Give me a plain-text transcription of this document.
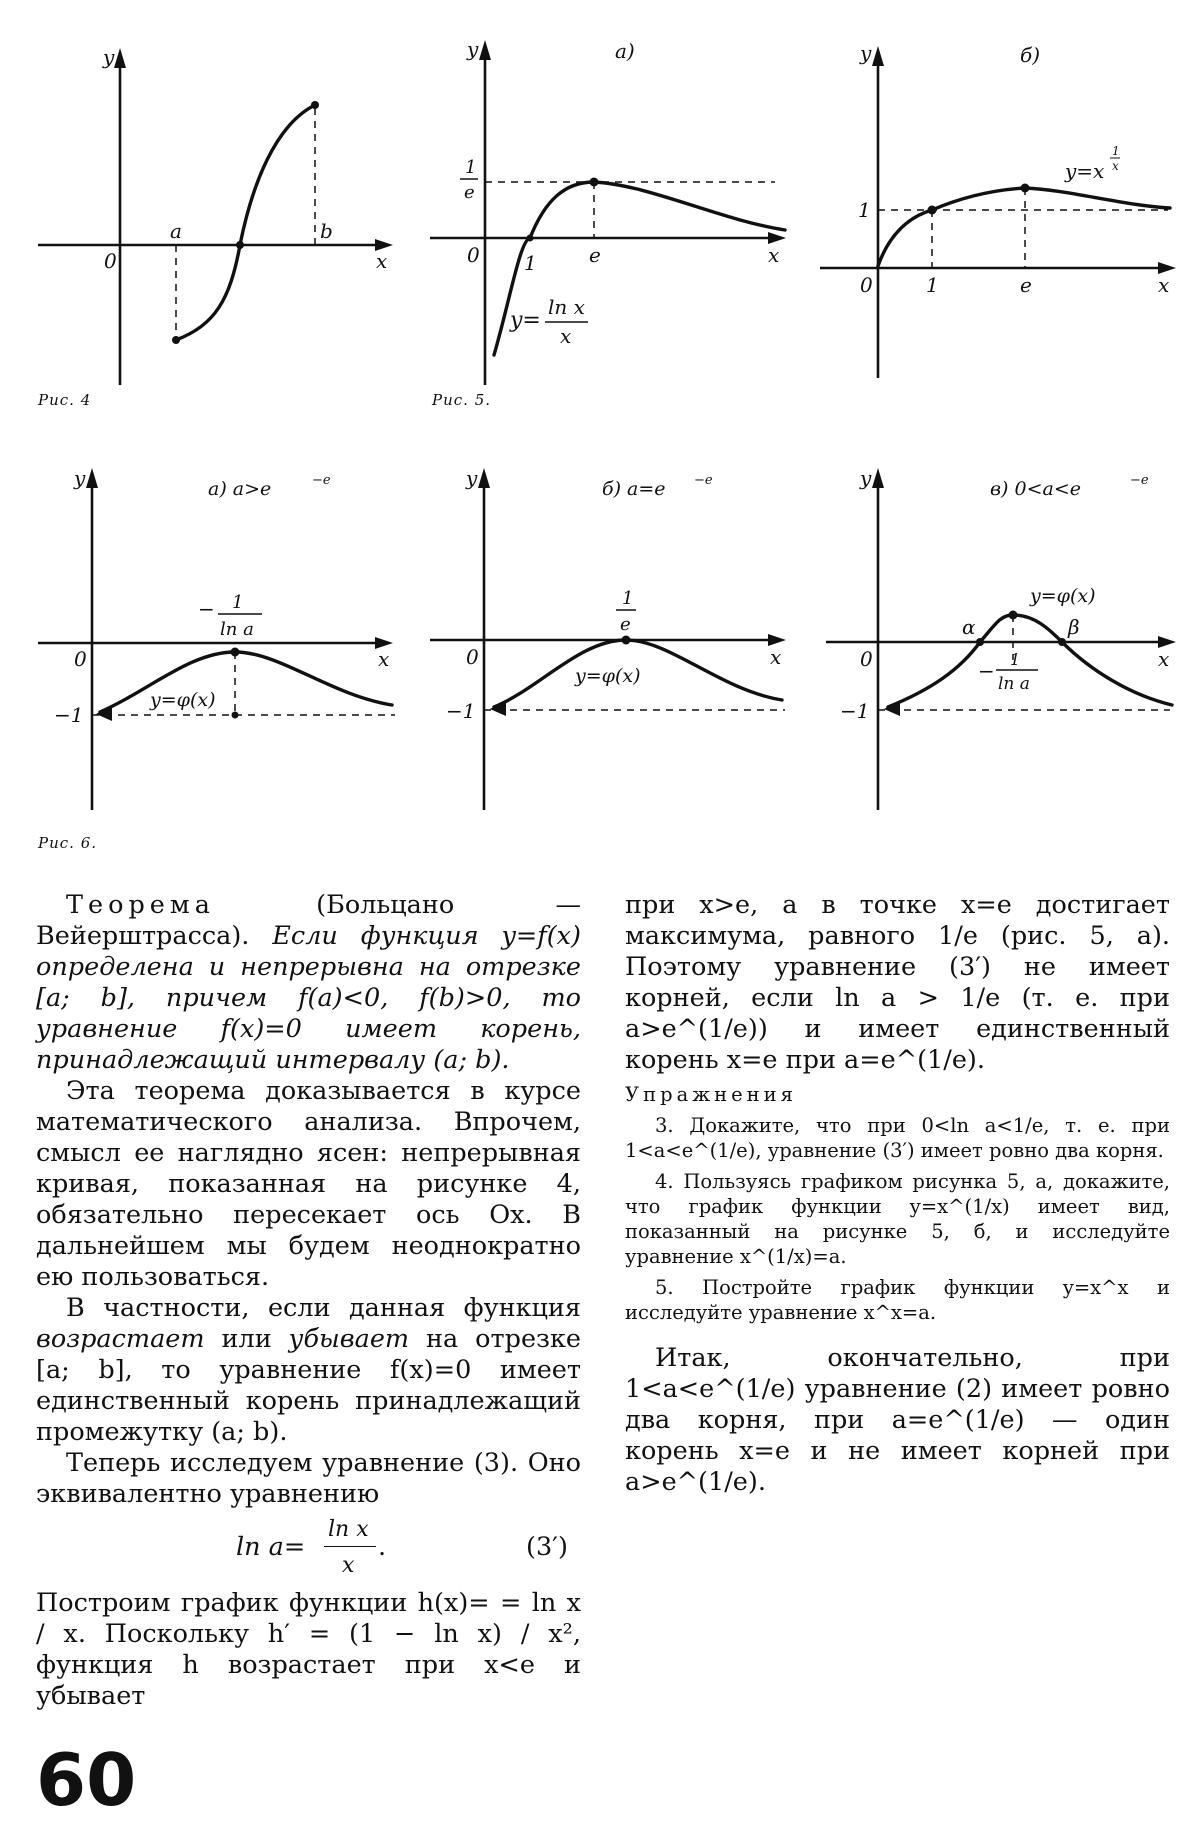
y
x
0
a	b
Рис. 4
а)
y
x
0 1	e
1
e
y=
ln x
x
Рис. 5.
б)
y
x
0
1
1	e
y=x
1
x
а) a>e	−e
y
x
0
−1
− 1
ln a
y=φ(x)
б) a=e −e
y
x
0
−1
1
e
y=φ(x)
в) 0<a<e	−e
y
x
0
−1
y=φ(x)
α	β
− 1
ln a
Рис. 6.

Теорема (Больцано — Вейерштрасса). Если функция y=f(x) определена и непрерывна на отрезке [a; b], причем f(a)<0, f(b)>0, то уравнение f(x)=0 имеет корень, принадлежащий интервалу (a; b).

Эта теорема доказывается в курсе математического анализа. Впрочем, смысл ее наглядно ясен: непрерывная кривая, показанная на рисунке 4, обязательно пересекает ось Ox. В дальнейшем мы будем неоднократно ею пользоваться.

В частности, если данная функция возрастает или убывает на отрезке [a; b], то уравнение f(x)=0 имеет единственный корень принадлежащий промежутку (a; b).

Теперь исследуем уравнение (3). Оно эквивалентно уравнению

ln a=
ln x
x
.	(3′)

Построим график функции h(x)= = ln x / x. Поскольку h′ = (1 − ln x) / x², функция h возрастает при x<e и убывает

при x>e, а в точке x=e достигает максимума, равного 1/e (рис. 5, а). Поэтому уравнение (3′) не имеет корней, если ln a > 1/e (т. е. при a>e^(1/e)) и имеет единственный корень x=e при a=e^(1/e).

Упражнения

3. Докажите, что при 0<ln a<1/e, т. е. при 1<a<e^(1/e), уравнение (3′) имеет ровно два корня.

4. Пользуясь графиком рисунка 5, а, докажите, что график функции y=x^(1/x) имеет вид, показанный на рисунке 5, б, и исследуйте уравнение x^(1/x)=a.

5. Постройте график функции y=x^x и исследуйте уравнение x^x=a.

Итак, окончательно, при 1<a<e^(1/e) уравнение (2) имеет ровно два корня, при a=e^(1/e) — один корень x=e и не имеет корней при a>e^(1/e).

60
